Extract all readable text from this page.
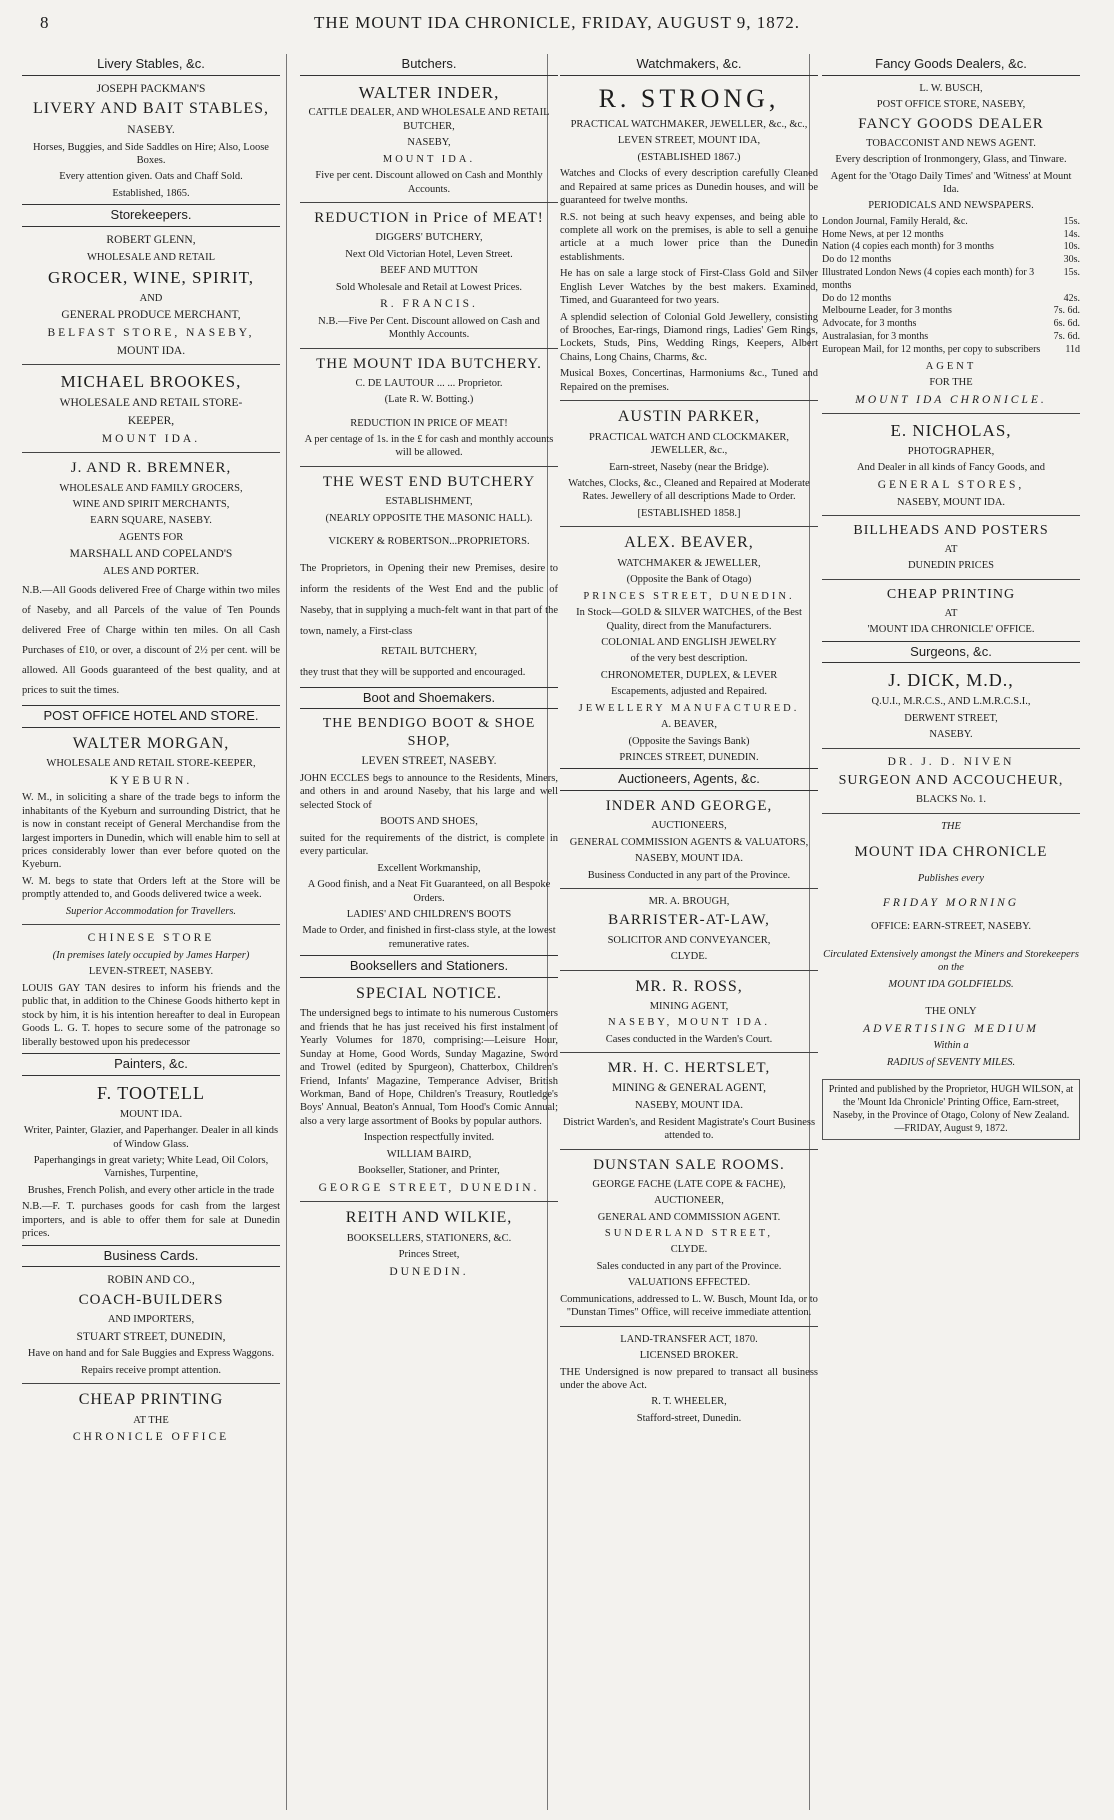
8	THE MOUNT IDA CHRONICLE, FRIDAY, AUGUST 9, 1872.
Livery Stables, &c.

JOSEPH PACKMAN'S

LIVERY AND BAIT STABLES,

NASEBY.

Horses, Buggies, and Side Saddles on Hire; Also, Loose Boxes.

Every attention given. Oats and Chaff Sold.

Established, 1865.

Storekeepers.

ROBERT GLENN,

WHOLESALE AND RETAIL

GROCER, WINE, SPIRIT,

AND

GENERAL PRODUCE MERCHANT,

BELFAST STORE, NASEBY,

MOUNT IDA.

MICHAEL BROOKES,

WHOLESALE AND RETAIL STORE-

KEEPER,

MOUNT IDA.

J. AND R. BREMNER,

WHOLESALE AND FAMILY GROCERS,

WINE AND SPIRIT MERCHANTS,

EARN SQUARE, NASEBY.

AGENTS FOR

MARSHALL AND COPELAND'S

ALES AND PORTER.

N.B.—All Goods delivered Free of Charge within two miles of Naseby, and all Parcels of the value of Ten Pounds delivered Free of Charge within ten miles. On all Cash Purchases of £10, or over, a discount of 2½ per cent. will be allowed. All Goods guaranteed of the best quality, and at prices to suit the times.

POST OFFICE HOTEL AND STORE.

WALTER MORGAN,

WHOLESALE AND RETAIL STORE-KEEPER,

KYEBURN.

W. M., in soliciting a share of the trade begs to inform the inhabitants of the Kyeburn and surrounding District, that he is now in constant receipt of General Merchandise from the largest importers in Dunedin, which will enable him to sell at prices considerably lower than ever before quoted on the Kyeburn.

W. M. begs to state that Orders left at the Store will be promptly attended to, and Goods delivered twice a week.

Superior Accommodation for Travellers.

CHINESE STORE

(In premises lately occupied by James Harper)

LEVEN-STREET, NASEBY.

LOUIS GAY TAN desires to inform his friends and the public that, in addition to the Chinese Goods hitherto kept in stock by him, it is his intention hereafter to deal in European Goods L. G. T. hopes to secure some of the patronage so liberally bestowed upon his predecessor

Painters, &c.

F. TOOTELL

MOUNT IDA.

Writer, Painter, Glazier, and Paperhanger. Dealer in all kinds of Window Glass.

Paperhangings in great variety; White Lead, Oil Colors, Varnishes, Turpentine,

Brushes, French Polish, and every other article in the trade

N.B.—F. T. purchases goods for cash from the largest importers, and is able to offer them for sale at Dunedin prices.

Business Cards.

ROBIN AND CO.,

COACH-BUILDERS

AND IMPORTERS,

STUART STREET, DUNEDIN,

Have on hand and for Sale Buggies and Express Waggons.

Repairs receive prompt attention.

CHEAP PRINTING

AT THE

CHRONICLE OFFICE

Butchers.

WALTER INDER,

CATTLE DEALER, AND WHOLESALE AND RETAIL BUTCHER,

NASEBY,

MOUNT IDA.

Five per cent. Discount allowed on Cash and Monthly Accounts.

REDUCTION in Price of MEAT!

DIGGERS' BUTCHERY,

Next Old Victorian Hotel, Leven Street.

BEEF AND MUTTON

Sold Wholesale and Retail at Lowest Prices.

R. FRANCIS.

N.B.—Five Per Cent. Discount allowed on Cash and Monthly Accounts.

THE MOUNT IDA BUTCHERY.

C. DE LAUTOUR ... ... Proprietor.

(Late R. W. Botting.)

REDUCTION IN PRICE OF MEAT!

A per centage of 1s. in the £ for cash and monthly accounts will be allowed.

THE WEST END BUTCHERY

ESTABLISHMENT,

(NEARLY OPPOSITE THE MASONIC HALL).

VICKERY & ROBERTSON...PROPRIETORS.

The Proprietors, in Opening their new Premises, desire to inform the residents of the West End and the public of Naseby, that in supplying a much-felt want in that part of the town, namely, a First-class

RETAIL BUTCHERY,

they trust that they will be supported and encouraged.

Boot and Shoemakers.

THE BENDIGO BOOT & SHOE SHOP,

LEVEN STREET, NASEBY.

JOHN ECCLES begs to announce to the Residents, Miners, and others in and around Naseby, that his large and well selected Stock of

BOOTS AND SHOES,

suited for the requirements of the district, is complete in every particular.

Excellent Workmanship,

A Good finish, and a Neat Fit Guaranteed, on all Bespoke Orders.

LADIES' AND CHILDREN'S BOOTS

Made to Order, and finished in first-class style, at the lowest remunerative rates.

Booksellers and Stationers.

SPECIAL NOTICE.

The undersigned begs to intimate to his numerous Customers and friends that he has just received his first instalment of Yearly Volumes for 1870, comprising:—Leisure Hour, Sunday at Home, Good Words, Sunday Magazine, Sword and Trowel (edited by Spurgeon), Chatterbox, Children's Friend, Infants' Magazine, Temperance Adviser, British Workman, Band of Hope, Children's Treasury, Routledge's Boys' Annual, Beaton's Annual, Tom Hood's Comic Annual; also a very large assortment of Books by popular authors.

Inspection respectfully invited.

WILLIAM BAIRD,

Bookseller, Stationer, and Printer,

GEORGE STREET, DUNEDIN.

REITH AND WILKIE,

BOOKSELLERS, STATIONERS, &C.

Princes Street,

DUNEDIN.

Watchmakers, &c.

R. STRONG,

PRACTICAL WATCHMAKER, JEWELLER, &c., &c.,

LEVEN STREET, MOUNT IDA,

(ESTABLISHED 1867.)

Watches and Clocks of every description carefully Cleaned and Repaired at same prices as Dunedin houses, and will be guaranteed for twelve months.

R.S. not being at such heavy expenses, and being able to complete all work on the premises, is able to sell a genuine article at a much lower price than the Dunedin establishments.

He has on sale a large stock of First-Class Gold and Silver English Lever Watches by the best makers. Examined, Timed, and Guaranteed for two years.

A splendid selection of Colonial Gold Jewellery, consisting of Brooches, Ear-rings, Diamond rings, Ladies' Gem Rings, Lockets, Studs, Pins, Wedding Rings, Keepers, Albert Chains, Long Chains, Charms, &c.

Musical Boxes, Concertinas, Harmoniums &c., Tuned and Repaired on the premises.

AUSTIN PARKER,

PRACTICAL WATCH AND CLOCKMAKER, JEWELLER, &c.,

Earn-street, Naseby (near the Bridge).

Watches, Clocks, &c., Cleaned and Repaired at Moderate Rates. Jewellery of all descriptions Made to Order.

[ESTABLISHED 1858.]

ALEX. BEAVER,

WATCHMAKER & JEWELLER,

(Opposite the Bank of Otago)

PRINCES STREET, DUNEDIN.

In Stock—GOLD & SILVER WATCHES, of the Best Quality, direct from the Manufacturers.

COLONIAL AND ENGLISH JEWELRY

of the very best description.

CHRONOMETER, DUPLEX, & LEVER

Escapements, adjusted and Repaired.

JEWELLERY MANUFACTURED.

A. BEAVER,

(Opposite the Savings Bank)

PRINCES STREET, DUNEDIN.

Auctioneers, Agents, &c.

INDER AND GEORGE,

AUCTIONEERS,

GENERAL COMMISSION AGENTS & VALUATORS,

NASEBY, MOUNT IDA.

Business Conducted in any part of the Province.

MR. A. BROUGH,

BARRISTER-AT-LAW,

SOLICITOR AND CONVEYANCER,

CLYDE.

MR. R. ROSS,

MINING AGENT,

NASEBY, MOUNT IDA.

Cases conducted in the Warden's Court.

MR. H. C. HERTSLET,

MINING & GENERAL AGENT,

NASEBY, MOUNT IDA.

District Warden's, and Resident Magistrate's Court Business attended to.

DUNSTAN SALE ROOMS.

GEORGE FACHE (LATE COPE & FACHE),

AUCTIONEER,

GENERAL AND COMMISSION AGENT.

SUNDERLAND STREET,

CLYDE.

Sales conducted in any part of the Province.

VALUATIONS EFFECTED.

Communications, addressed to L. W. Busch, Mount Ida, or to "Dunstan Times" Office, will receive immediate attention.

LAND-TRANSFER ACT, 1870.

LICENSED BROKER.

THE Undersigned is now prepared to transact all business under the above Act.

R. T. WHEELER,

Stafford-street, Dunedin.

Fancy Goods Dealers, &c.

L. W. BUSCH,

POST OFFICE STORE, NASEBY,

FANCY GOODS DEALER

TOBACCONIST AND NEWS AGENT.

Every description of Ironmongery, Glass, and Tinware.

Agent for the 'Otago Daily Times' and 'Witness' at Mount Ida.

PERIODICALS AND NEWSPAPERS.

London Journal, Family Herald, &c.	15s.
Home News, at per 12 months	14s.
Nation (4 copies each month) for 3 months	10s.
Do do 12 months	30s.
Illustrated London News (4 copies each month) for 3 months
15s.
Do do 12 months	42s.
Melbourne Leader, for 3 months	7s. 6d.
Advocate, for 3 months	6s. 6d.
Australasian, for 3 months	7s. 6d.
European Mail, for 12 months, per copy to subscribers	11d

AGENT

FOR THE

MOUNT IDA CHRONICLE.

E. NICHOLAS,

PHOTOGRAPHER,

And Dealer in all kinds of Fancy Goods, and

GENERAL STORES,

NASEBY, MOUNT IDA.

BILLHEADS AND POSTERS

AT

DUNEDIN PRICES

CHEAP PRINTING

AT

'MOUNT IDA CHRONICLE' OFFICE.

Surgeons, &c.

J. DICK, M.D.,

Q.U.I., M.R.C.S., AND L.M.R.C.S.I.,

DERWENT STREET,

NASEBY.

DR. J. D. NIVEN

SURGEON AND ACCOUCHEUR,

BLACKS No. 1.

THE

MOUNT IDA CHRONICLE

Publishes every

FRIDAY MORNING

OFFICE: EARN-STREET, NASEBY.

Circulated Extensively amongst the Miners and Storekeepers on the

MOUNT IDA GOLDFIELDS.

THE ONLY

ADVERTISING MEDIUM

Within a

RADIUS of SEVENTY MILES.

Printed and published by the Proprietor, HUGH WILSON, at the 'Mount Ida Chronicle' Printing Office, Earn-street, Naseby, in the Province of Otago, Colony of New Zealand. —FRIDAY, August 9, 1872.
